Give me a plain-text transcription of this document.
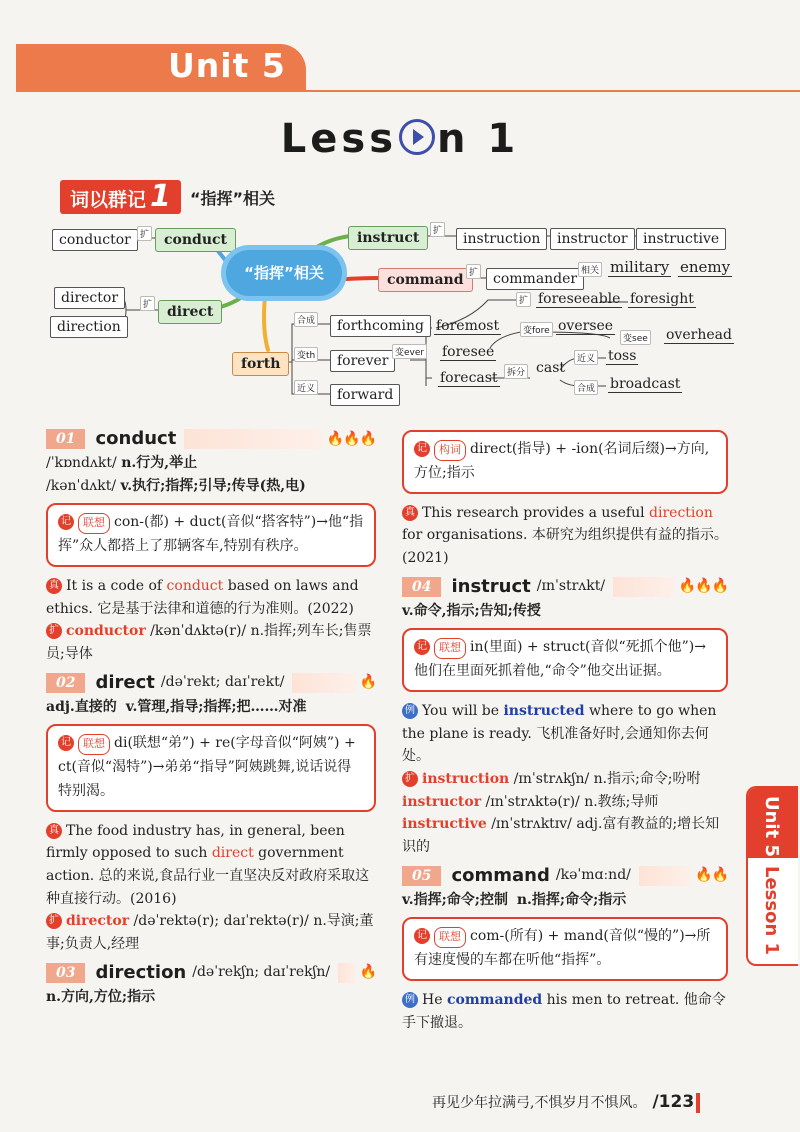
Unit 5
Less n 1
词以群记 1	“指挥”相关
conductor	扩	conduct
“指挥”相关
instruct	扩	instruction	instructor	instructive
command 扩	commander 相关 military enemy
director
direction
扩	direct
forth
合成	forthcoming
变th	forever 变ever
近义	forward
foremost
foresee
forecast
扩 foreseeable foresight
变fore oversee
变see overhead
拆分 cast
近义 toss
合成 broadcast
01	conduct	🔥🔥🔥
/ˈkɒndʌkt/ n.行为,举止
/kənˈdʌkt/ v.执行;指挥;引导;传导(热,电)
记 联想 con-(都) + duct(音似“搭客特”)→他“指挥”众人都搭上了那辆客车,特别有秩序。
真 It is a code of conduct based on laws and ethics. 它是基于法律和道德的行为准则。(2022)
扩 conductor /kənˈdʌktə(r)/ n.指挥;列车长;售票员;导体
02	direct /dəˈrekt; daɪˈrekt/	🔥
adj.直接的 v.管理,指导;指挥;把……对准
记 联想 di(联想“弟”) + re(字母音似“阿姨”) + ct(音似“渴特”)→弟弟“指导”阿姨跳舞,说话说得特别渴。
真 The food industry has, in general, been firmly opposed to such direct government action. 总的来说,食品行业一直坚决反对政府采取这种直接行动。(2016)
扩 director /dəˈrektə(r); daɪˈrektə(r)/ n.导演;董事;负责人,经理
03	direction /dəˈrekʃn; daɪˈrekʃn/ 🔥
n.方向,方位;指示
记 构词 direct(指导) + -ion(名词后缀)→方向,方位;指示
真 This research provides a useful direction for organisations. 本研究为组织提供有益的指示。(2021)
04	instruct /ɪnˈstrʌkt/	🔥🔥🔥
v.命令,指示;告知;传授
记 联想 in(里面) + struct(音似“死抓个他”)→他们在里面死抓着他,“命令”他交出证据。
例 You will be instructed where to go when the plane is ready. 飞机准备好时,会通知你去何处。
扩 instruction /ɪnˈstrʌkʃn/ n.指示;命令;吩咐
instructor /ɪnˈstrʌktə(r)/ n.教练;导师
instructive /ɪnˈstrʌktɪv/ adj.富有教益的;增长知识的
05	command /kəˈmɑːnd/	🔥🔥
v.指挥;命令;控制 n.指挥;命令;指示
记 联想 com-(所有) + mand(音似“慢的”)→所有速度慢的车都在听他“指挥”。
例 He commanded his men to retreat. 他命令手下撤退。
Unit 5
Lesson 1
再见少年拉满弓,不惧岁月不惧风。 /123
